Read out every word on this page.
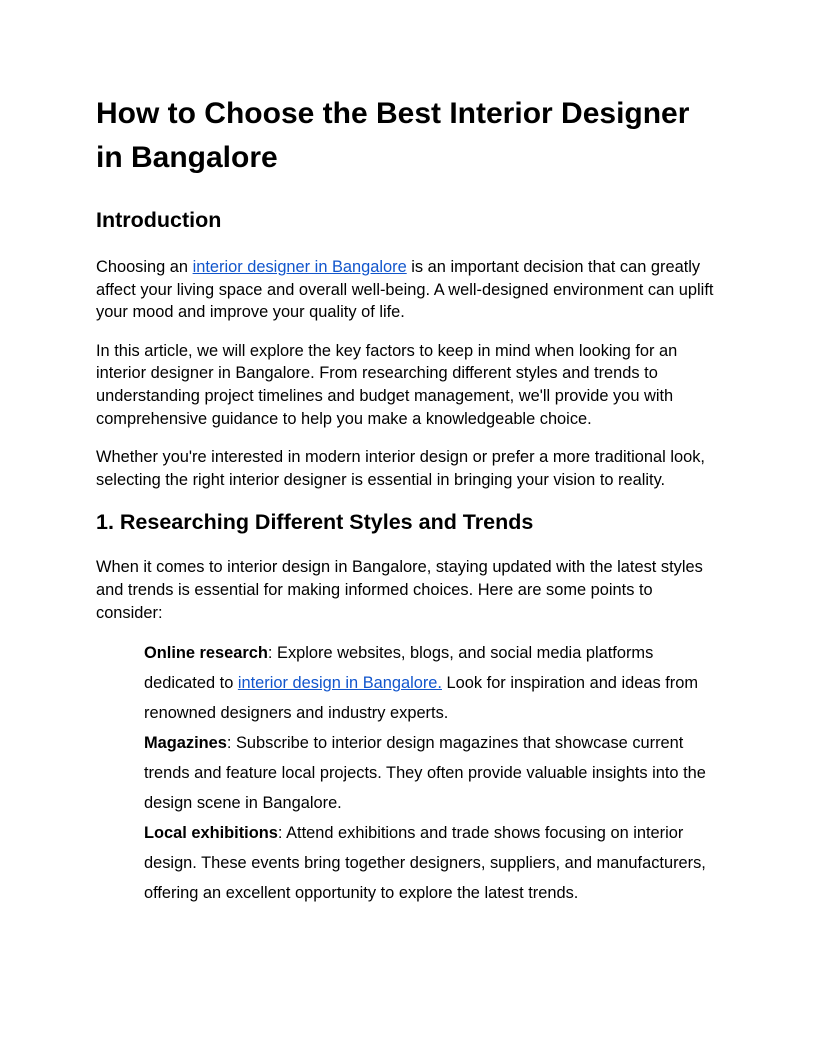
How to Choose the Best Interior Designer in Bangalore
Introduction

Choosing an interior designer in Bangalore is an important decision that can greatly affect your living space and overall well-being. A well-designed environment can uplift your mood and improve your quality of life.

In this article, we will explore the key factors to keep in mind when looking for an interior designer in Bangalore. From researching different styles and trends to understanding project timelines and budget management, we'll provide you with comprehensive guidance to help you make a knowledgeable choice.

Whether you're interested in modern interior design or prefer a more traditional look, selecting the right interior designer is essential in bringing your vision to reality.

1. Researching Different Styles and Trends

When it comes to interior design in Bangalore, staying updated with the latest styles and trends is essential for making informed choices. Here are some points to consider:

Online research: Explore websites, blogs, and social media platforms dedicated to interior design in Bangalore. Look for inspiration and ideas from renowned designers and industry experts.
Magazines: Subscribe to interior design magazines that showcase current trends and feature local projects. They often provide valuable insights into the design scene in Bangalore.
Local exhibitions: Attend exhibitions and trade shows focusing on interior design. These events bring together designers, suppliers, and manufacturers, offering an excellent opportunity to explore the latest trends.
